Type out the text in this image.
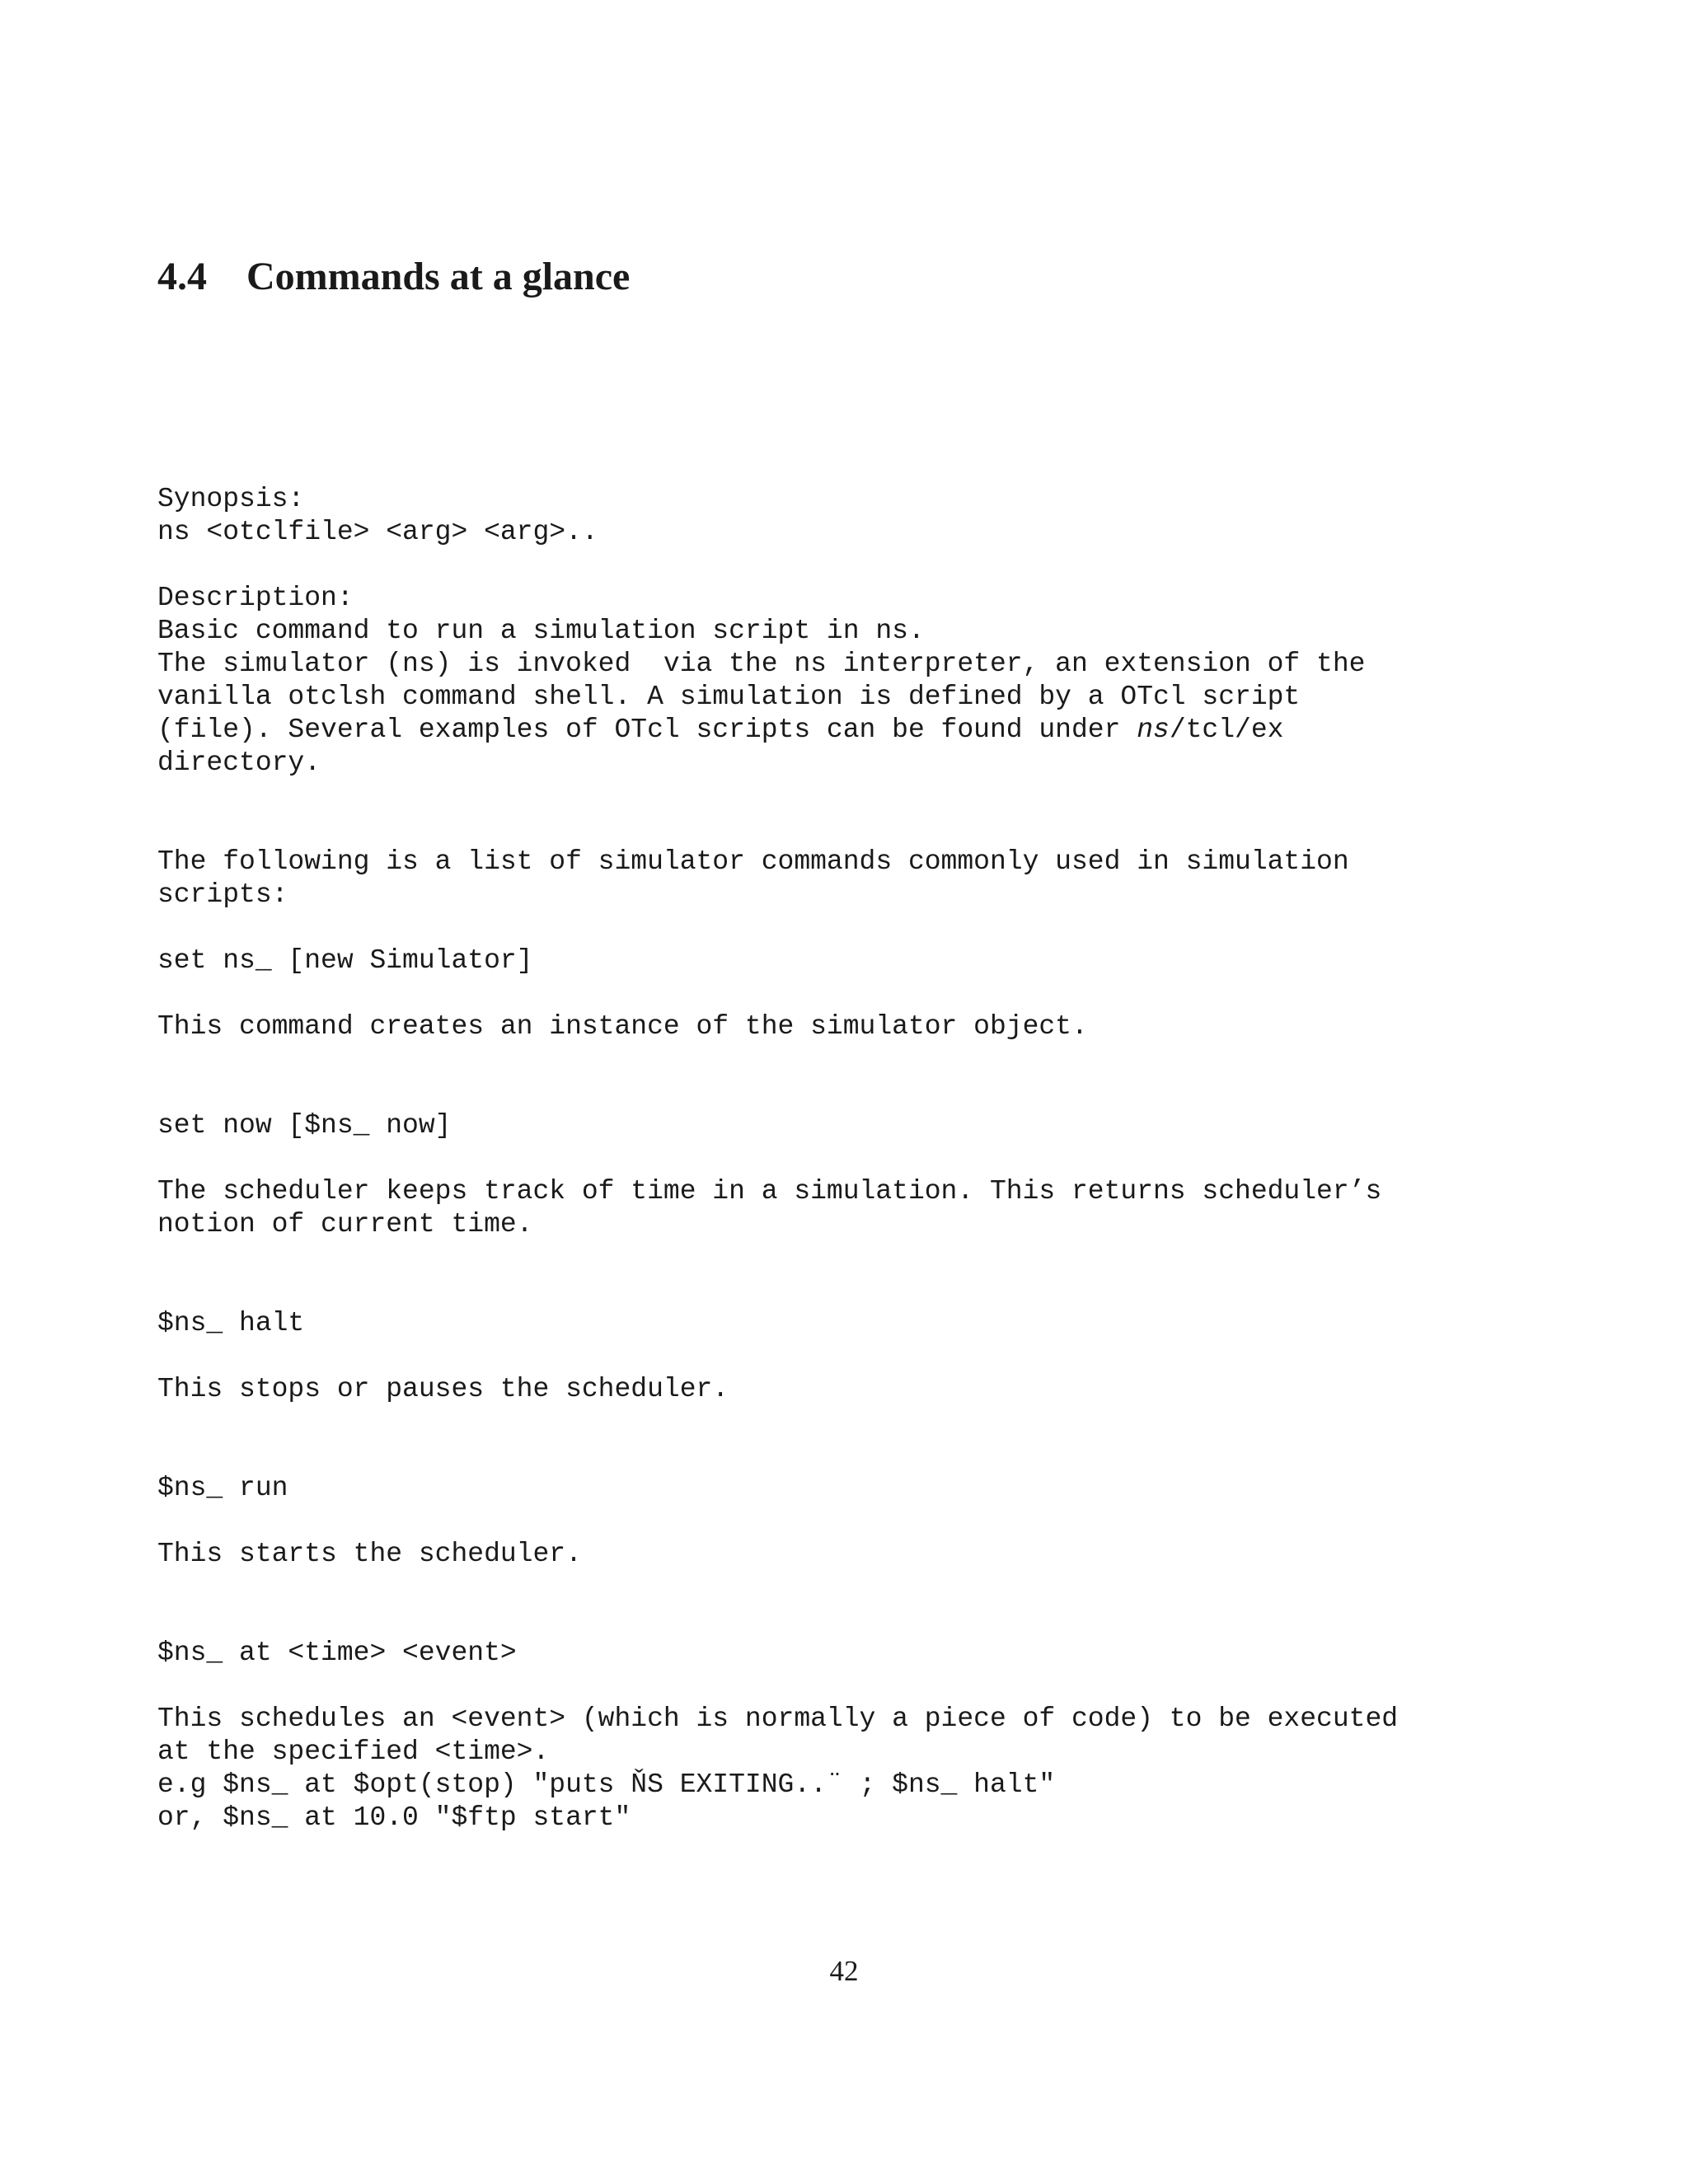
4.4 Commands at a glance

Synopsis:

ns <otclfile> <arg> <arg>..

Description:

Basic command to run a simulation script in ns.

The simulator (ns) is invoked  via the ns interpreter, an extension of the

vanilla otclsh command shell. A simulation is defined by a OTcl script

(file). Several examples of OTcl scripts can be found under ns/tcl/ex

directory.

The following is a list of simulator commands commonly used in simulation

scripts:

set ns_ [new Simulator]

This command creates an instance of the simulator object.

set now [$ns_ now]

The scheduler keeps track of time in a simulation. This returns scheduler’s

notion of current time.

$ns_ halt

This stops or pauses the scheduler.

$ns_ run

This starts the scheduler.

$ns_ at <time> <event>

This schedules an <event> (which is normally a piece of code) to be executed

at the specified <time>.

e.g $ns_ at $opt(stop) "puts ŇS EXITING..¨ ; $ns_ halt"

or, $ns_ at 10.0 "$ftp start"

42
